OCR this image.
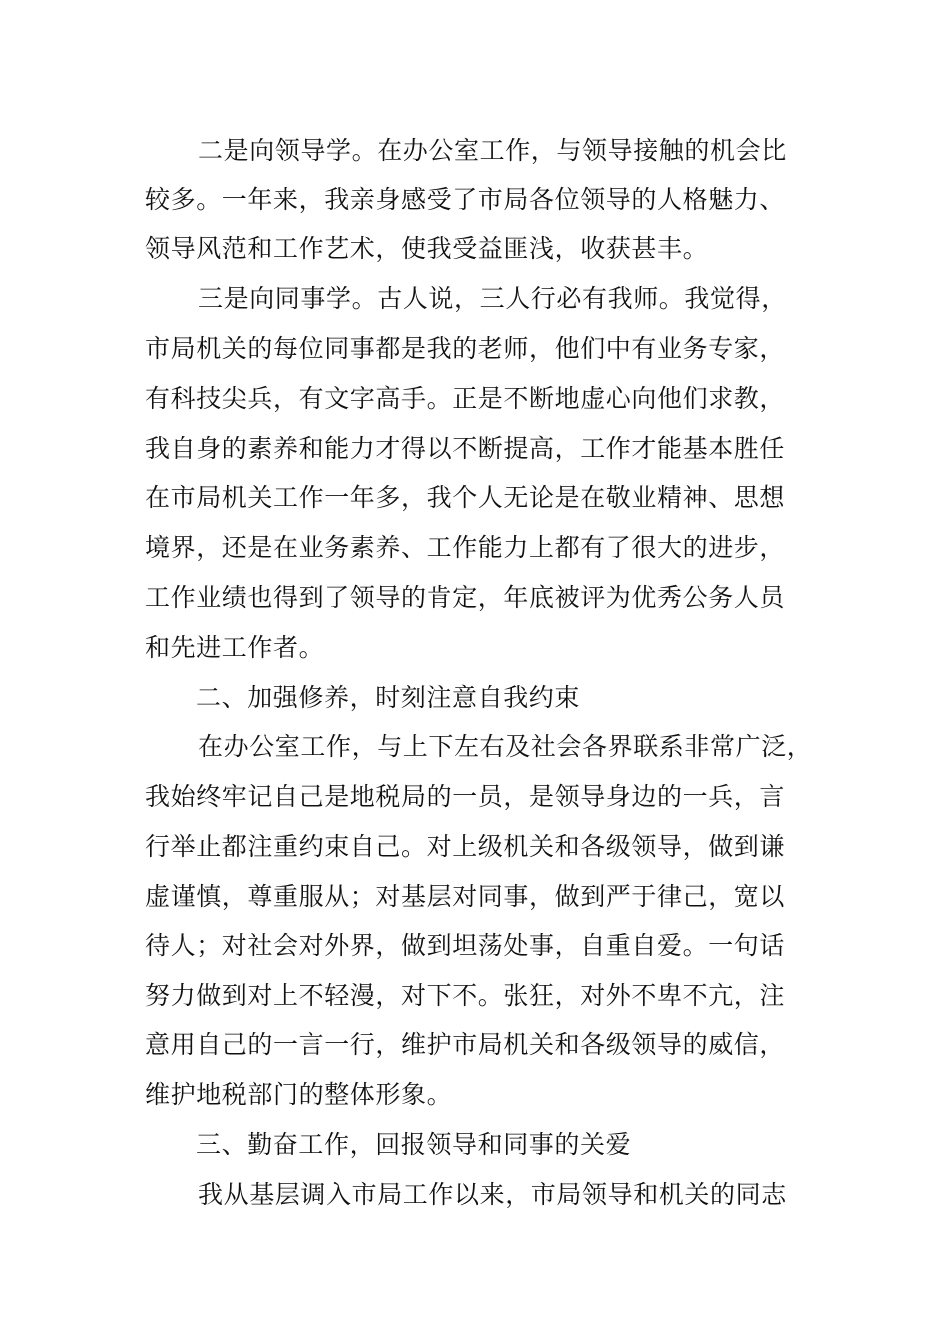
二是向领导学。在办公室工作，与领导接触的机会比
较多。一年来，我亲身感受了市局各位领导的人格魅力、
领导风范和工作艺术，使我受益匪浅，收获甚丰。
三是向同事学。古人说，三人行必有我师。我觉得，
市局机关的每位同事都是我的老师，他们中有业务专家，
有科技尖兵，有文字高手。正是不断地虚心向他们求教，
我自身的素养和能力才得以不断提高，工作才能基本胜任
在市局机关工作一年多，我个人无论是在敬业精神、思想
境界，还是在业务素养、工作能力上都有了很大的进步，
工作业绩也得到了领导的肯定，年底被评为优秀公务人员
和先进工作者。
二、加强修养，时刻注意自我约束
在办公室工作，与上下左右及社会各界联系非常广泛，
我始终牢记自己是地税局的一员，是领导身边的一兵，言
行举止都注重约束自己。对上级机关和各级领导，做到谦
虚谨慎，尊重服从；对基层对同事，做到严于律己，宽以
待人；对社会对外界，做到坦荡处事，自重自爱。一句话
努力做到对上不轻漫，对下不。张狂，对外不卑不亢，注
意用自己的一言一行，维护市局机关和各级领导的威信，
维护地税部门的整体形象。
三、勤奋工作，回报领导和同事的关爱
我从基层调入市局工作以来，市局领导和机关的同志
